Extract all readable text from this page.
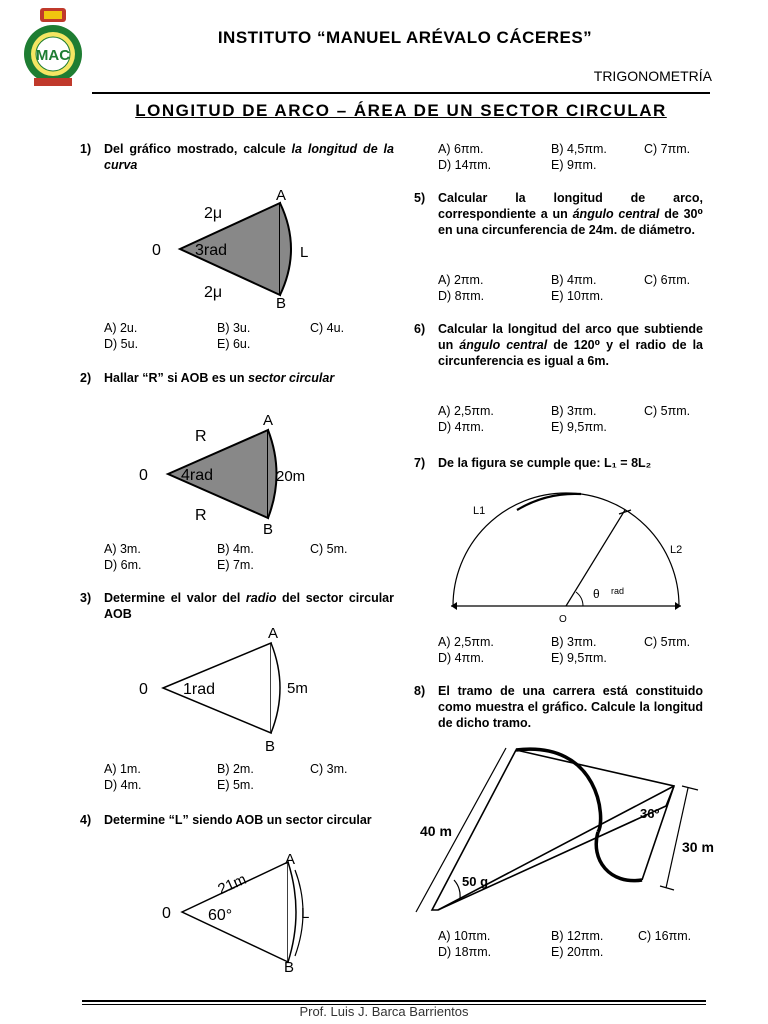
MAC
INSTITUTO “MANUEL ARÉVALO CÁCERES”
TRIGONOMETRÍA
LONGITUD DE ARCO – ÁREA DE UN SECTOR CIRCULAR
1) Del gráfico mostrado, calcule la longitud de la curva
0 3rad
2μ
2μ
A
B
L
A) 2u.	B) 3u.	C) 4u.
D) 5u.	E) 6u.
2) Hallar “R” si AOB es un sector circular
0 4rad
R
R
A
B
20m
A) 3m.	B) 4m.	C) 5m.
D) 6m.	E) 7m.
3) Determine el valor del radio del sector circular AOB
0 1rad
A
B
5m
A) 1m.	B) 2m.	C) 3m.
D) 4m.	E) 5m.
4) Determine “L” siendo AOB un sector circular
0 60°
21m
A
B
L
A) 6πm.	B) 4,5πm.	C) 7πm.
D) 14πm.	E) 9πm.
5) Calcular la longitud de arco, correspondiente a un ángulo central de 30⁰ en una circunferencia de 24m. de diámetro.
A) 2πm.	B) 4πm.	C) 6πm.
D) 8πm.	E) 10πm.
6) Calcular la longitud del arco que subtiende un ángulo central de 120⁰ y el radio de la circunferencia es igual a 6m.
A) 2,5πm.	B) 3πm.	C) 5πm.
D) 4πm.	E) 9,5πm.
7) De la figura se cumple que: L₁ = 8L₂
L1
L2
θ rad
O
A) 2,5πm.	B) 3πm.	C) 5πm.
D) 4πm.	E) 9,5πm.
8) El tramo de una carrera está constituido como muestra el gráfico. Calcule la longitud de dicho tramo.
40 m
30 m
50 g
36º
A) 10πm.	B) 12πm.	C) 16πm.
D) 18πm.	E) 20πm.
Prof. Luis J. Barca Barrientos
